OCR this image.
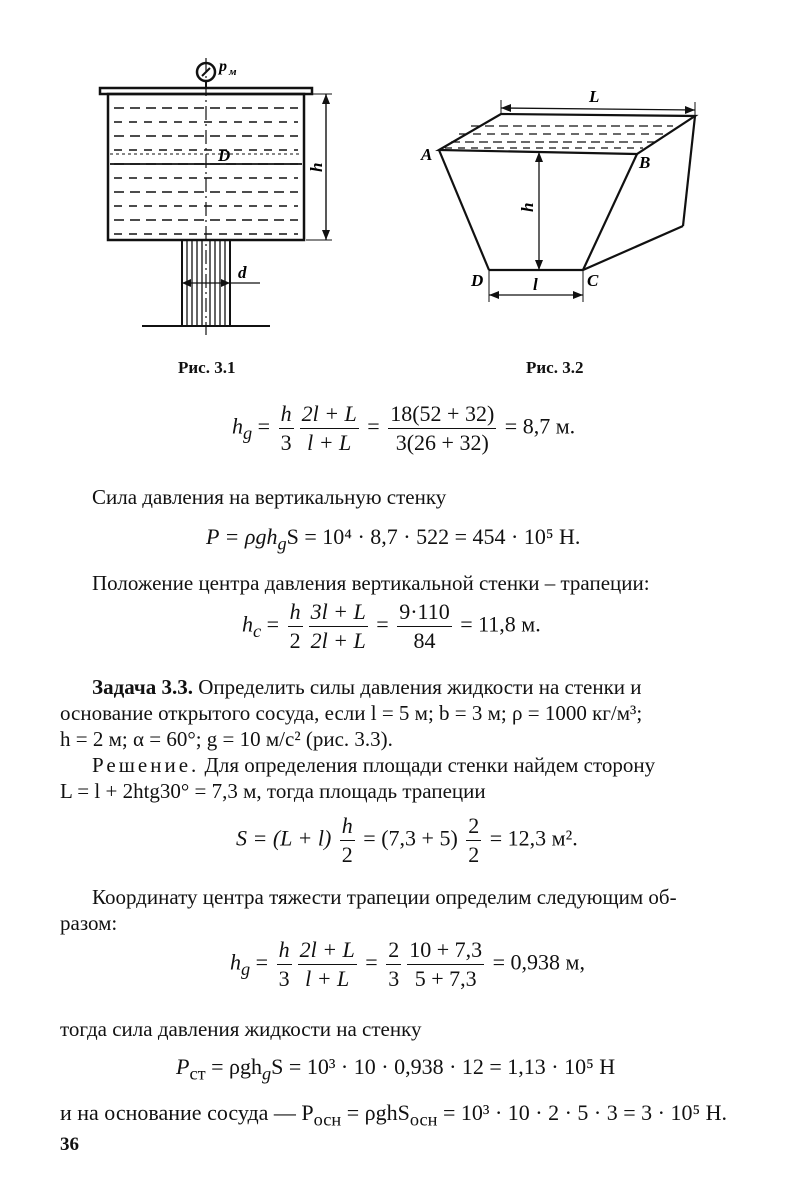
p м
D
h
d
Рис. 3.1
L
h
l
A	B
D	C
Рис. 3.2
$h_g = \frac{h}{3} \frac{2l + L}{l + L} = \frac{18(52 + 32)}{3(26 + 32)} = 8,7$ м.
Сила давления на вертикальную стенку
P = ρgh$_g$S = 10⁴ · 8,7 · 522 = 454 · 10⁵ Н.
Положение центра давления вертикальной стенки – трапеции:
$h_c = \frac{h}{2} \frac{3l + L}{2l + L} = \frac{9\cdot 110}{84} = 11,8$ м.
Задача 3.3. Определить силы давления жидкости на стенки и
основание открытого сосуда, если l = 5 м; b = 3 м; ρ = 1000 кг/м³;
h = 2 м; α = 60°; g = 10 м/с² (рис. 3.3).
Решение. Для определения площади стенки найдем сторону
L = l + 2htg30° = 7,3 м, тогда площадь трапеции
$S = (L + l) \frac{h}{2} = (7,3 + 5) \frac{2}{2} = 12,3$ м².
Координату центра тяжести трапеции определим следующим об-
разом:
$h_g = \frac{h}{3} \frac{2l + L}{l + L} = \frac{2}{3} \frac{10 + 7,3}{5 + 7,3} = 0,938$ м,
тогда сила давления жидкости на стенку
$P_{ст} = \rho gh_gS = 10^3 \cdot 10 \cdot 0,938 \cdot 12 = 1,13 \cdot 10^5$ Н
и на основание сосуда — $P_{осн} = \rho ghS_{осн} = 10^3 \cdot 10 \cdot 2 \cdot 5 \cdot 3 = 3 \cdot 10^5$ Н.
36
